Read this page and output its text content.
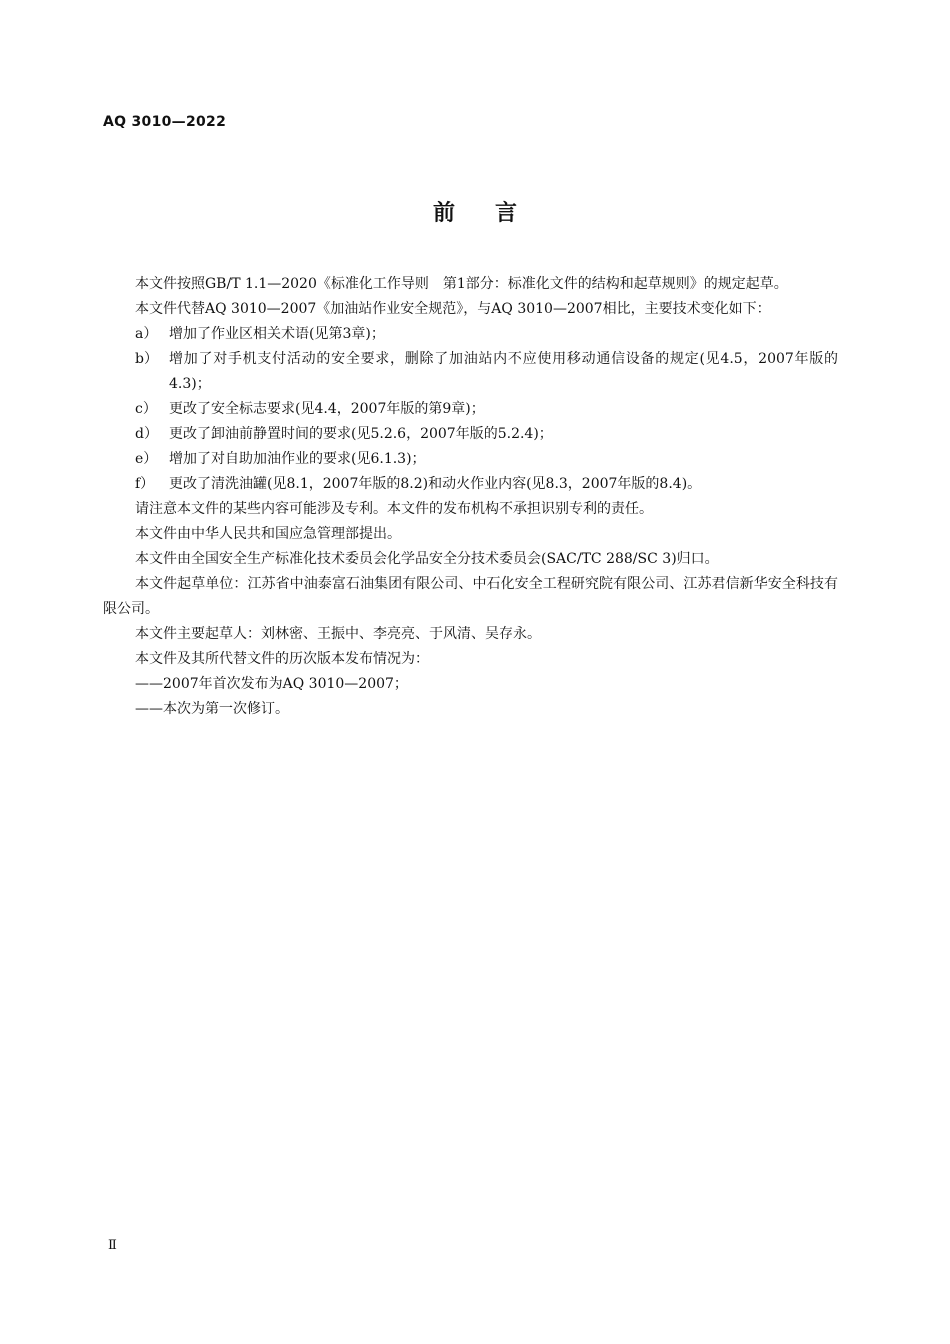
AQ 3010—2022
前言

本文件按照GB/T 1.1—2020《标准化工作导则　第1部分：标准化文件的结构和起草规则》的规定起草。

本文件代替AQ 3010—2007《加油站作业安全规范》，与AQ 3010—2007相比，主要技术变化如下：

a） 增加了作业区相关术语(见第3章)；
b） 增加了对手机支付活动的安全要求，删除了加油站内不应使用移动通信设备的规定(见4.5，2007年版的4.3)；
c） 更改了安全标志要求(见4.4，2007年版的第9章)；
d） 更改了卸油前静置时间的要求(见5.2.6，2007年版的5.2.4)；
e） 增加了对自助加油作业的要求(见6.1.3)；
f）	更改了清洗油罐(见8.1，2007年版的8.2)和动火作业内容(见8.3，2007年版的8.4)。

请注意本文件的某些内容可能涉及专利。本文件的发布机构不承担识别专利的责任。

本文件由中华人民共和国应急管理部提出。

本文件由全国安全生产标准化技术委员会化学品安全分技术委员会(SAC/TC 288/SC 3)归口。

本文件起草单位：江苏省中油泰富石油集团有限公司、中石化安全工程研究院有限公司、江苏君信新华安全科技有限公司。

本文件主要起草人：刘林密、王振中、李亮亮、于风清、吴存永。

本文件及其所代替文件的历次版本发布情况为：

——2007年首次发布为AQ 3010—2007；
——本次为第一次修订。
Ⅱ
